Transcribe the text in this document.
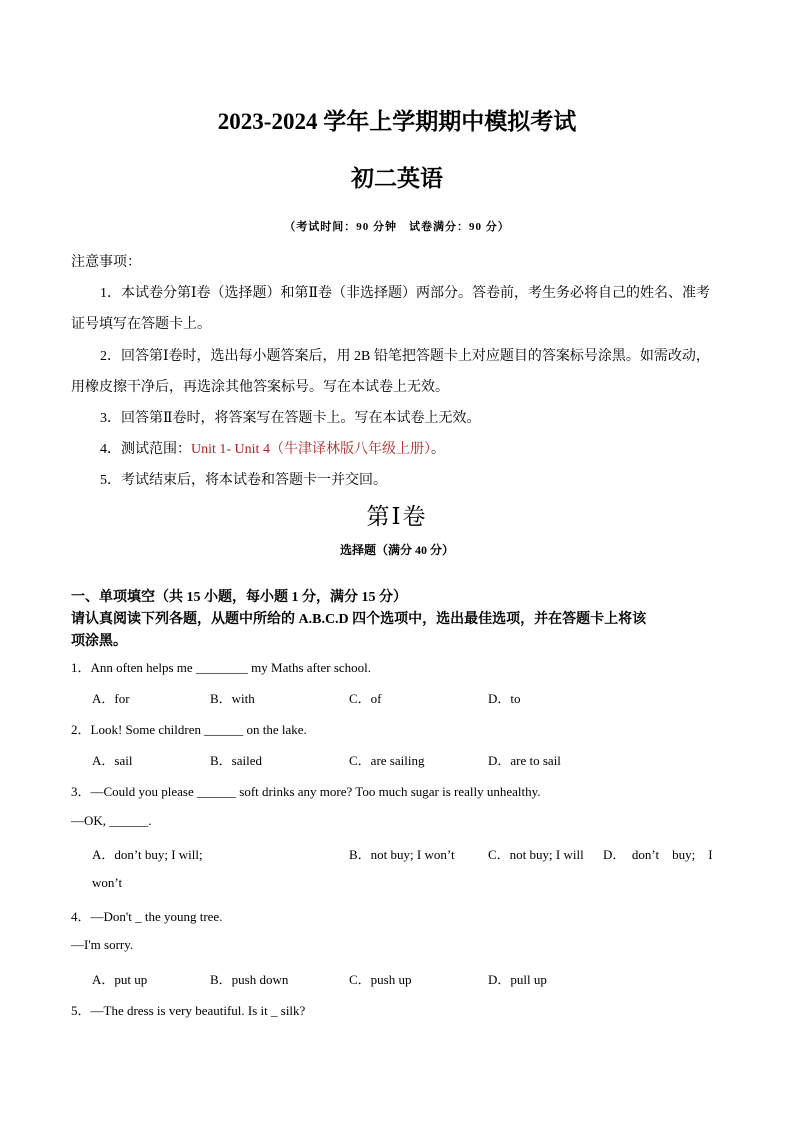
2023-2024 学年上学期期中模拟考试
初二英语
（考试时间：90 分钟　试卷满分：90 分）
注意事项：
1．本试卷分第Ⅰ卷（选择题）和第Ⅱ卷（非选择题）两部分。答卷前，考生务必将自己的姓名、准考
证号填写在答题卡上。
2．回答第Ⅰ卷时，选出每小题答案后，用 2B 铅笔把答题卡上对应题目的答案标号涂黑。如需改动，
用橡皮擦干净后，再选涂其他答案标号。写在本试卷上无效。
3．回答第Ⅱ卷时，将答案写在答题卡上。写在本试卷上无效。
4．测试范围：Unit 1- Unit 4（牛津译林版八年级上册）。
5．考试结束后，将本试卷和答题卡一并交回。
第Ⅰ卷
选择题（满分 40 分）
一、单项填空（共 15 小题，每小题 1 分，满分 15 分）
请认真阅读下列各题，从题中所给的 A.B.C.D 四个选项中，选出最佳选项，并在答题卡上将该
项涂黑。
1．Ann often helps me ________ my Maths after school.
A．for	B．with	C．of	D．to
2．Look! Some children ______ on the lake.
A．sail	B．sailed	C．are sailing	D．are to sail
3．—Could you please ______ soft drinks any more? Too much sugar is really unhealthy.
—OK, ______.
A．don’t buy; I will;	B．not buy; I won’t	C．not buy; I will D．　don’t　buy;　I
won’t
4．—Don't _ the young tree.
—I'm sorry.
A．put up	B．push down	C．push up	D．pull up
5．—The dress is very beautiful. Is it _ silk?
